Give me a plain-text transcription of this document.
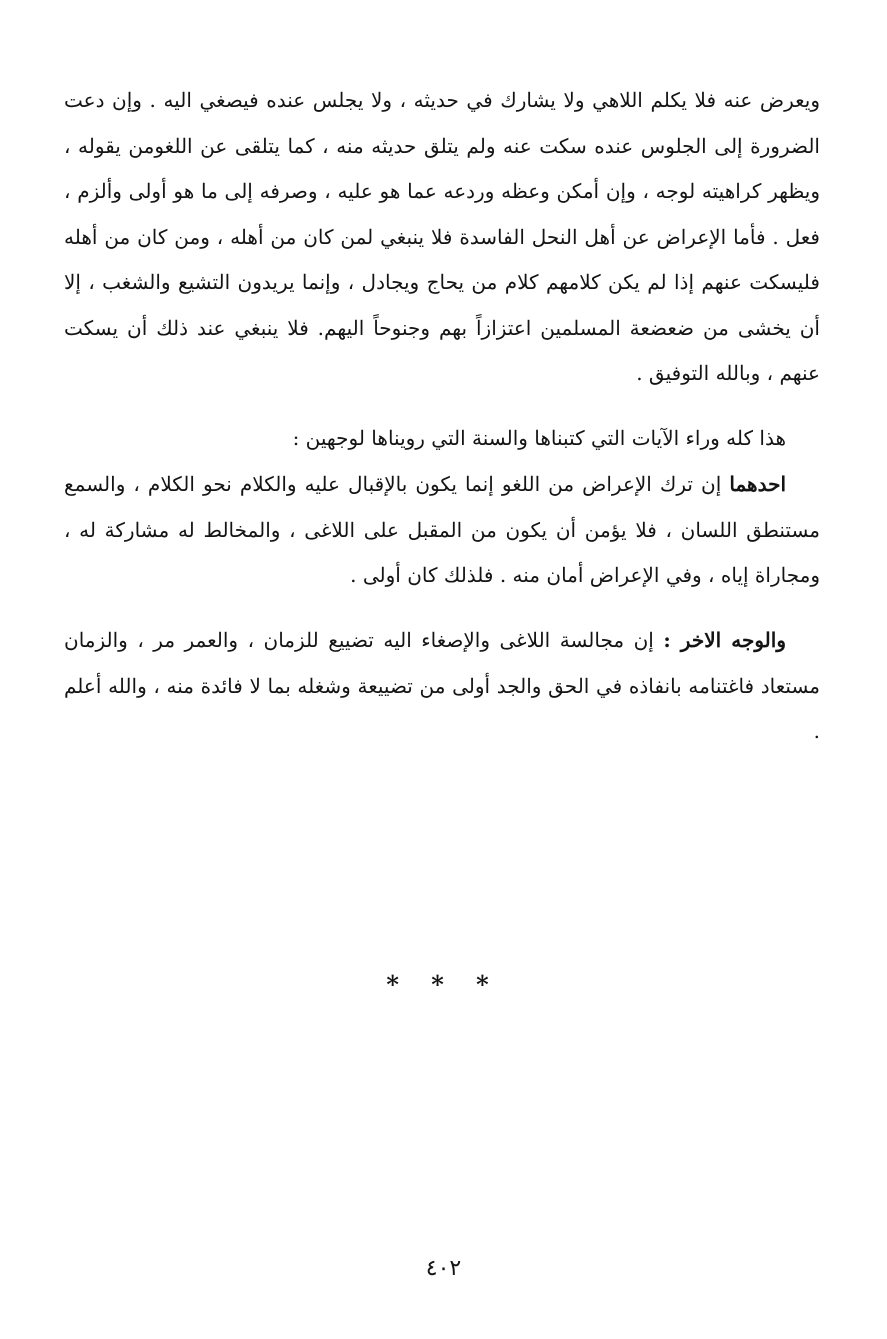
ويعرض عنه فلا يكلم اللاهي ولا يشارك في حديثه ، ولا يجلس عنده فيصغي اليه . وإن دعت الضرورة إلى الجلوس عنده سكت عنه ولم يتلق حديثه منه ، كما يتلقى عن اللغومن يقوله ، ويظهر كراهيته لوجه ، وإن أمكن وعظه وردعه عما هو عليه ، وصرفه إلى ما هو أولى وألزم ، فعل . فأما الإعراض عن أهل النحل الفاسدة فلا ينبغي لمن كان من أهله ، ومن كان من أهله فليسكت عنهم إذا لم يكن كلامهم كلام من يحاج ويجادل ، وإنما يريدون التشيع والشغب ، إلا أن يخشى من ضعضعة المسلمين اعتزازاً بهم وجنوحاً اليهم. فلا ينبغي عند ذلك أن يسكت عنهم ، وبالله التوفيق .

هذا كله وراء الآيات التي كتبناها والسنة التي رويناها لوجهين :

احدهما إن ترك الإعراض من اللغو إنما يكون بالإقبال عليه والكلام نحو الكلام ، والسمع مستنطق اللسان ، فلا يؤمن أن يكون من المقبل على اللاغى ، والمخالط له مشاركة له ، ومجاراة إياه ، وفي الإعراض أمان منه . فلذلك كان أولى .

والوجه الاخر : إن مجالسة اللاغى والإصغاء اليه تضييع للزمان ، والعمر مر ، والزمان مستعاد فاغتنامه بانفاذه في الحق والجد أولى من تضييعة وشغله بما لا فائدة منه ، والله أعلم .

* * *
٤٠٢
